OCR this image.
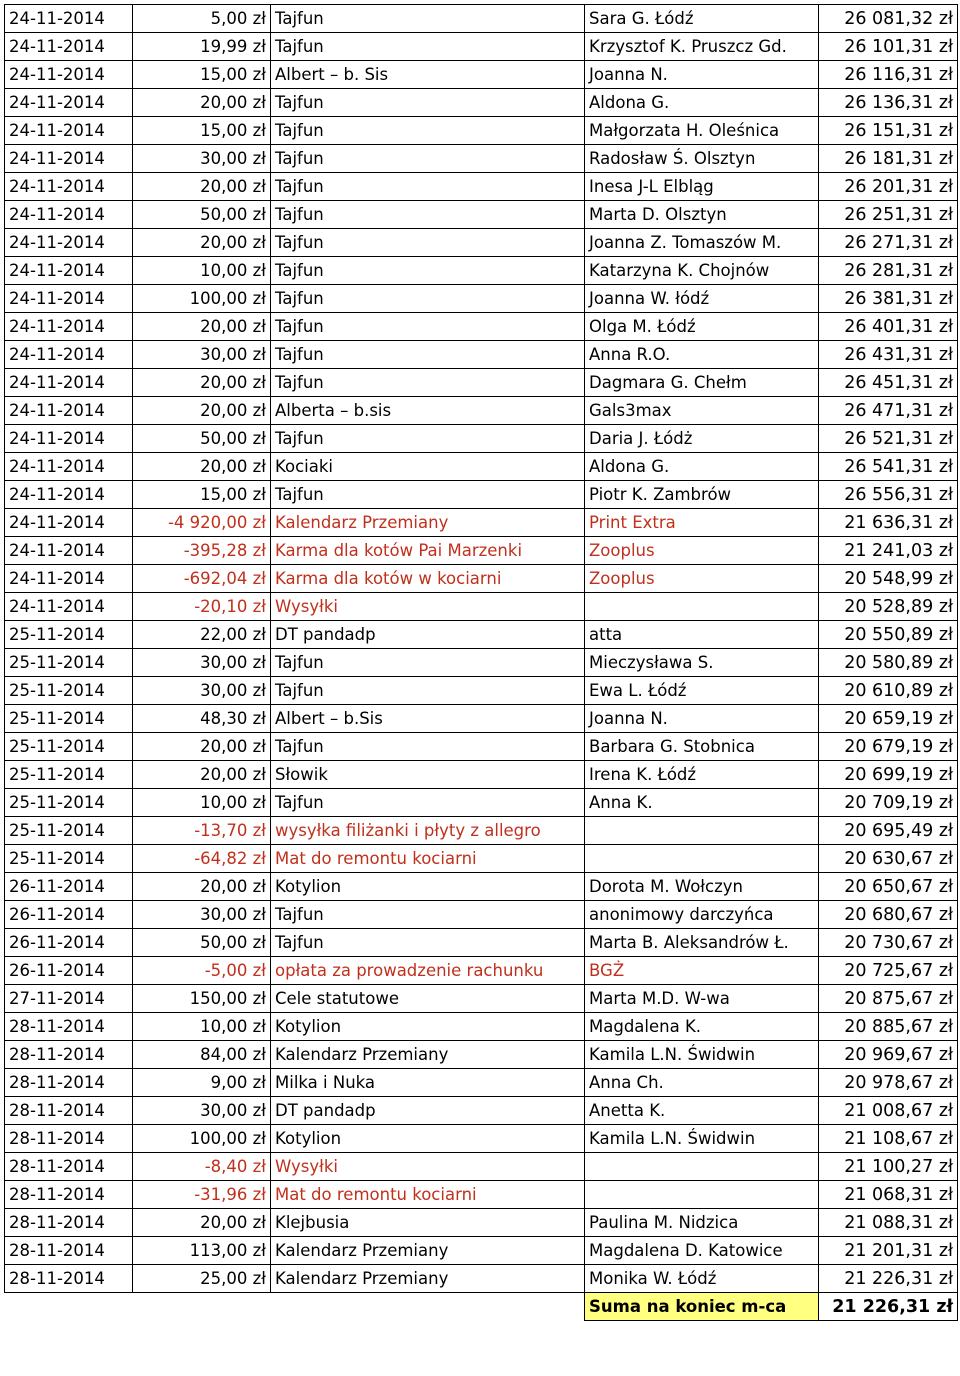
24-11-2014	5,00 zł	Tajfun	Sara G. Łódź	26 081,32 zł
24-11-2014	19,99 zł	Tajfun	Krzysztof K. Pruszcz Gd.	26 101,31 zł
24-11-2014	15,00 zł	Albert – b. Sis	Joanna N.	26 116,31 zł
24-11-2014	20,00 zł	Tajfun	Aldona G.	26 136,31 zł
24-11-2014	15,00 zł	Tajfun	Małgorzata H. Oleśnica	26 151,31 zł
24-11-2014	30,00 zł	Tajfun	Radosław Ś. Olsztyn	26 181,31 zł
24-11-2014	20,00 zł	Tajfun	Inesa J-L Elbląg	26 201,31 zł
24-11-2014	50,00 zł	Tajfun	Marta D. Olsztyn	26 251,31 zł
24-11-2014	20,00 zł	Tajfun	Joanna Z. Tomaszów M.	26 271,31 zł
24-11-2014	10,00 zł	Tajfun	Katarzyna K. Chojnów	26 281,31 zł
24-11-2014	100,00 zł	Tajfun	Joanna W. łódź	26 381,31 zł
24-11-2014	20,00 zł	Tajfun	Olga M. Łódź	26 401,31 zł
24-11-2014	30,00 zł	Tajfun	Anna R.O.	26 431,31 zł
24-11-2014	20,00 zł	Tajfun	Dagmara G. Chełm	26 451,31 zł
24-11-2014	20,00 zł	Alberta – b.sis	Gals3max	26 471,31 zł
24-11-2014	50,00 zł	Tajfun	Daria J. Łódż	26 521,31 zł
24-11-2014	20,00 zł	Kociaki	Aldona G.	26 541,31 zł
24-11-2014	15,00 zł	Tajfun	Piotr K. Zambrów	26 556,31 zł
24-11-2014	-4 920,00 zł	Kalendarz Przemiany	Print Extra	21 636,31 zł
24-11-2014	-395,28 zł	Karma dla kotów Pai Marzenki	Zooplus	21 241,03 zł
24-11-2014	-692,04 zł	Karma dla kotów w kociarni	Zooplus	20 548,99 zł
24-11-2014	-20,10 zł	Wysyłki		20 528,89 zł
25-11-2014	22,00 zł	DT pandadp	atta	20 550,89 zł
25-11-2014	30,00 zł	Tajfun	Mieczysława S.	20 580,89 zł
25-11-2014	30,00 zł	Tajfun	Ewa L. Łódź	20 610,89 zł
25-11-2014	48,30 zł	Albert – b.Sis	Joanna N.	20 659,19 zł
25-11-2014	20,00 zł	Tajfun	Barbara G. Stobnica	20 679,19 zł
25-11-2014	20,00 zł	Słowik	Irena K. Łódź	20 699,19 zł
25-11-2014	10,00 zł	Tajfun	Anna K.	20 709,19 zł
25-11-2014	-13,70 zł	wysyłka filiżanki i płyty z allegro		20 695,49 zł
25-11-2014	-64,82 zł	Mat do remontu kociarni		20 630,67 zł
26-11-2014	20,00 zł	Kotylion	Dorota M. Wołczyn	20 650,67 zł
26-11-2014	30,00 zł	Tajfun	anonimowy darczyńca	20 680,67 zł
26-11-2014	50,00 zł	Tajfun	Marta B. Aleksandrów Ł.	20 730,67 zł
26-11-2014	-5,00 zł	opłata za prowadzenie rachunku	BGŻ	20 725,67 zł
27-11-2014	150,00 zł	Cele statutowe	Marta M.D. W-wa	20 875,67 zł
28-11-2014	10,00 zł	Kotylion	Magdalena K.	20 885,67 zł
28-11-2014	84,00 zł	Kalendarz Przemiany	Kamila L.N. Świdwin	20 969,67 zł
28-11-2014	9,00 zł	Milka i Nuka	Anna Ch.	20 978,67 zł
28-11-2014	30,00 zł	DT pandadp	Anetta K.	21 008,67 zł
28-11-2014	100,00 zł	Kotylion	Kamila L.N. Świdwin	21 108,67 zł
28-11-2014	-8,40 zł	Wysyłki		21 100,27 zł
28-11-2014	-31,96 zł	Mat do remontu kociarni		21 068,31 zł
28-11-2014	20,00 zł	Klejbusia	Paulina M. Nidzica	21 088,31 zł
28-11-2014	113,00 zł	Kalendarz Przemiany	Magdalena D. Katowice	21 201,31 zł
28-11-2014	25,00 zł	Kalendarz Przemiany	Monika W. Łódź	21 226,31 zł
			Suma na koniec m-ca	21 226,31 zł
